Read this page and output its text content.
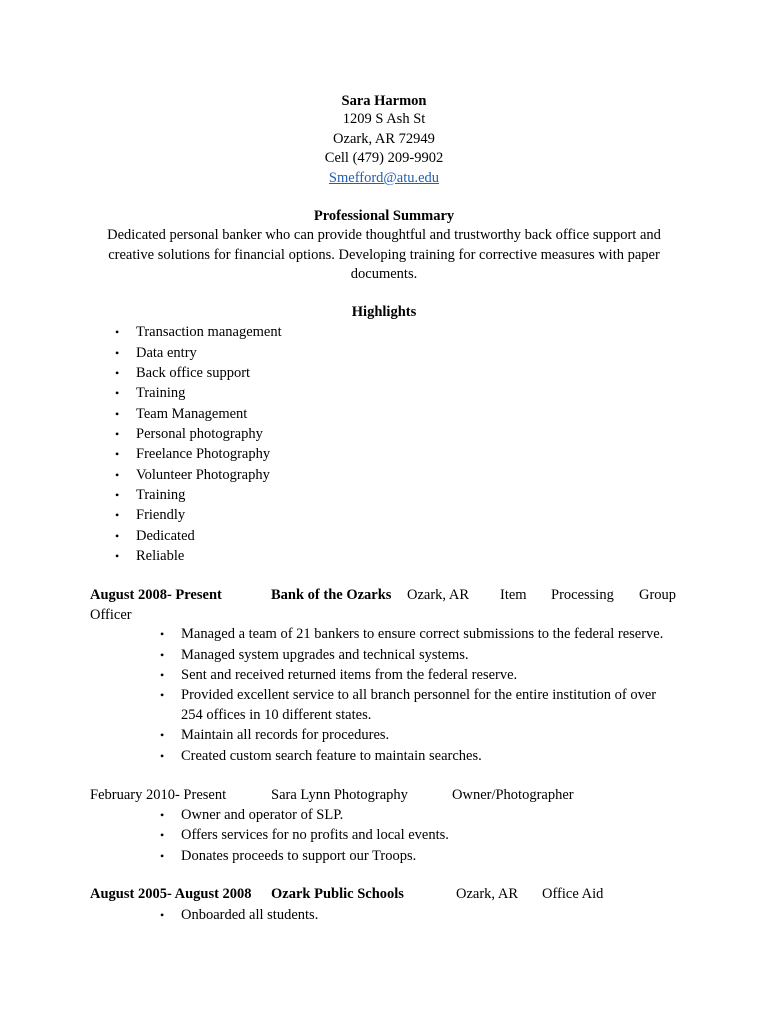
Sara Harmon
1209 S Ash St
Ozark, AR 72949
Cell (479) 209-9902
Smefford@atu.edu
Professional Summary
Dedicated personal banker who can provide thoughtful and trustworthy back office support and creative solutions for financial options. Developing training for corrective measures with paper documents.
Highlights
• Transaction management
• Data entry
• Back office support
• Training
• Team Management
• Personal photography
• Freelance Photography
• Volunteer Photography
• Training
• Friendly
• Dedicated
• Reliable
August 2008- Present	Bank of the Ozarks Ozark, AR Item Processing Group
Officer
• Managed a team of 21 bankers to ensure correct submissions to the federal reserve.
• Managed system upgrades and technical systems.
• Sent and received returned items from the federal reserve.
• Provided excellent service to all branch personnel for the entire institution of over
254 offices in 10 different states.
• Maintain all records for procedures.
• Created custom search feature to maintain searches.
February 2010- Present	Sara Lynn Photography	Owner/Photographer
• Owner and operator of SLP.
• Offers services for no profits and local events.
• Donates proceeds to support our Troops.
August 2005- August 2008 Ozark Public Schools	Ozark, AR Office Aid
• Onboarded all students.
